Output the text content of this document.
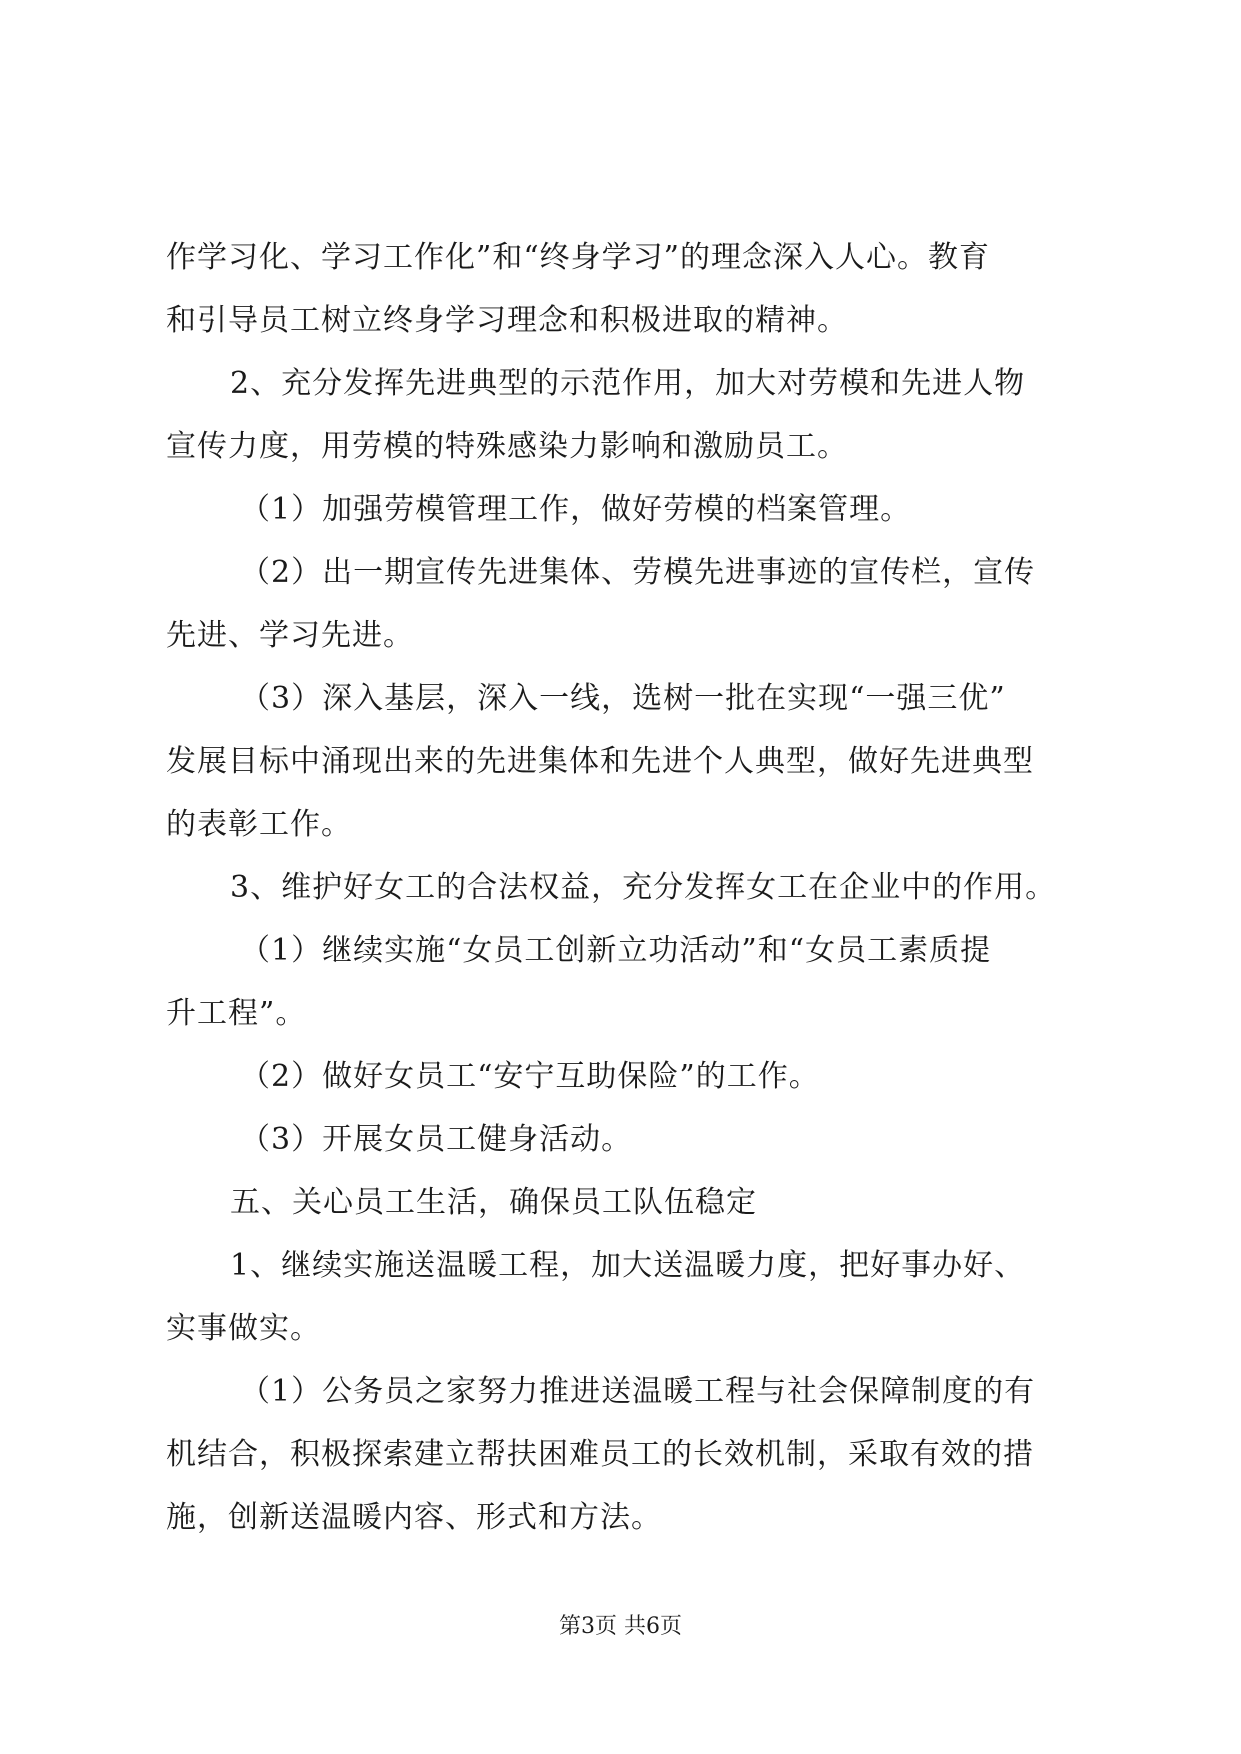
作学习化、学习工作化”和“终身学习”的理念深入人心。教育

和引导员工树立终身学习理念和积极进取的精神。

2、充分发挥先进典型的示范作用，加大对劳模和先进人物

宣传力度，用劳模的特殊感染力影响和激励员工。

（1）加强劳模管理工作，做好劳模的档案管理。

（2）出一期宣传先进集体、劳模先进事迹的宣传栏，宣传

先进、学习先进。

（3）深入基层，深入一线，选树一批在实现“一强三优”

发展目标中涌现出来的先进集体和先进个人典型，做好先进典型

的表彰工作。

3、维护好女工的合法权益，充分发挥女工在企业中的作用。

（1）继续实施“女员工创新立功活动”和“女员工素质提

升工程”。

（2）做好女员工“安宁互助保险”的工作。

（3）开展女员工健身活动。

五、关心员工生活，确保员工队伍稳定

1、继续实施送温暖工程，加大送温暖力度，把好事办好、

实事做实。

（1）公务员之家努力推进送温暖工程与社会保障制度的有

机结合，积极探索建立帮扶困难员工的长效机制，采取有效的措

施，创新送温暖内容、形式和方法。

第3页 共6页
